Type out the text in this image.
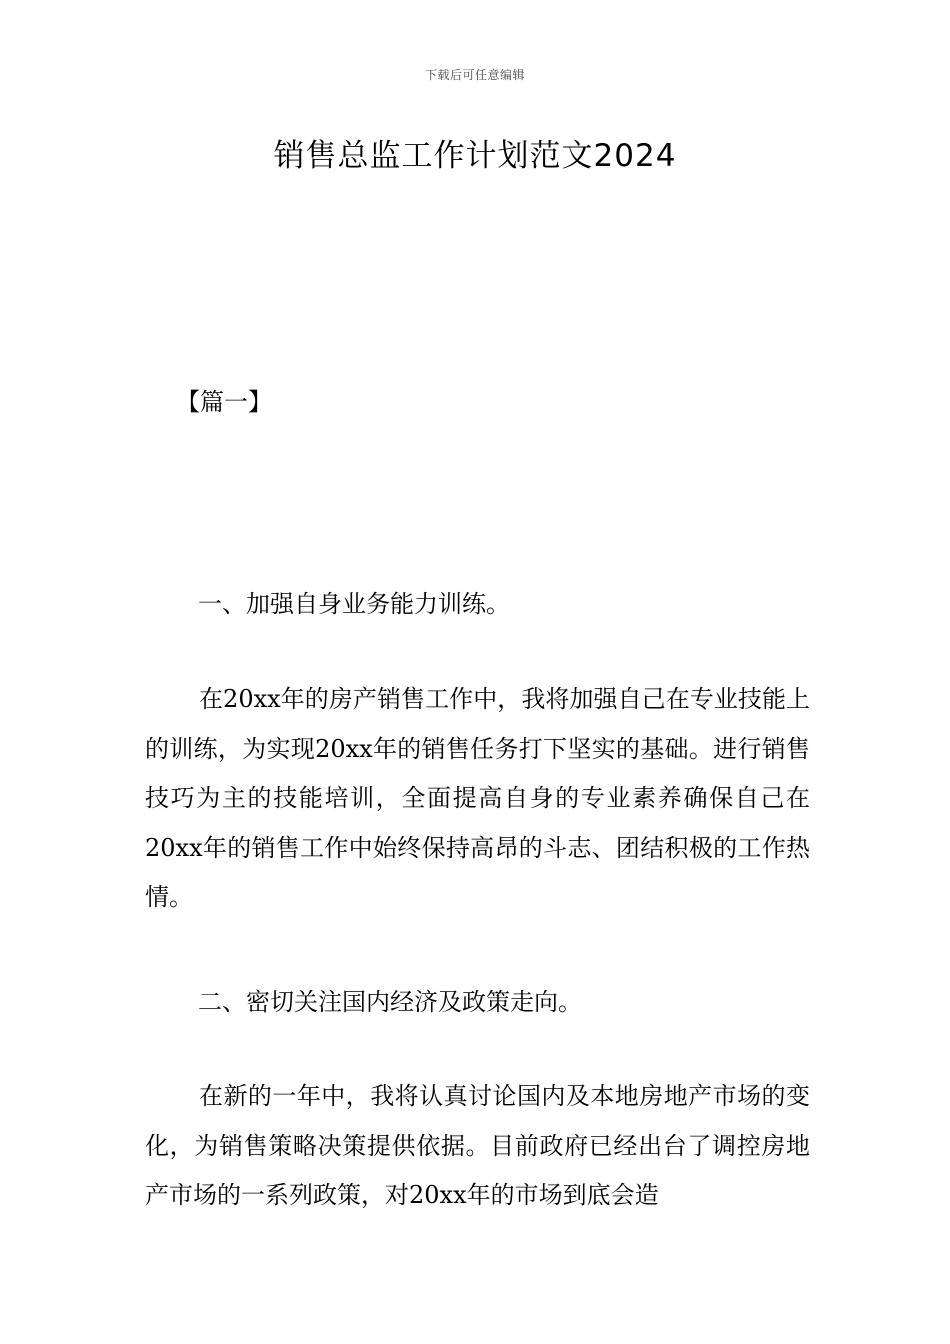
下载后可任意编辑
销售总监工作计划范文2024
【篇一】
一、加强自身业务能力训练。
在20xx年的房产销售工作中，我将加强自己在专业技能上的训练，为实现20xx年的销售任务打下坚实的基础。进行销售技巧为主的技能培训，全面提高自身的专业素养确保自己在20xx年的销售工作中始终保持高昂的斗志、团结积极的工作热情。
二、密切关注国内经济及政策走向。
在新的一年中，我将认真讨论国内及本地房地产市场的变化，为销售策略决策提供依据。目前政府已经出台了调控房地产市场的一系列政策，对20xx年的市场到底会造
